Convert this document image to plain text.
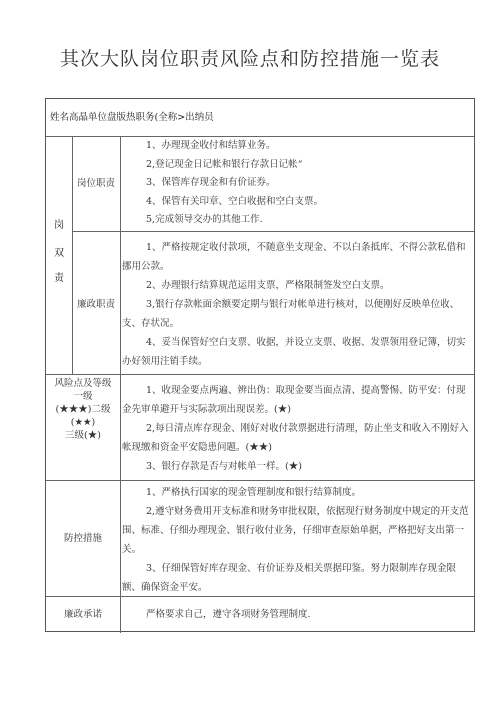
其次大队岗位职责风险点和防控措施一览表
姓名高晶单位盘版热职务(全称>出纳员
岗
双
责
岗位职责

1、办理现金收付和结算业务。

2,登记现金日记帐和银行存款日记帐“

3、保管库存现金和有价证券。

4、保管有关印章、空白收据和空白支票。

5,完成领导交办的其他工作.

廉政职责

1、严格按规定收付款项，不随意坐支现金、不以白条抵库、不得公款私借和挪用公款。

2、办理银行结算规范运用支票，严格限制签发空白支票。

3,银行存款帐面余额要定期与银行对帐单进行核对，以便刚好反映单位收、支、存状况。

4、妥当保管好空白支票、收据，并设立支票、收据、发票领用登记簿，切实办好领用注销手续。

风险点及等级

一级

(★★★)二级

(★★)

三级(★)

1、收现金要点两遍、辨出伪：取现金要当面点清、提高警惕、防平安：付现金先审单避开与实际款项出现误差。(★)

2,每日清点库存现金、刚好对收付款票据进行清理，防止坐支和收入不刚好入帐现缴和资金平安隐患问题。(★★)

3、银行存款是否与对帐单一样。(★)

防控措施

1、严格执行国家的现金管理制度和银行结算制度。

2,遵守财务费用开支标准和财务审批权限，依据现行财务制度中规定的开支范围、标准、仔细办理现金、银行收付业务，仔细审查原始单据，严格把好支出第一关。

3、仔细保管好库存现金、有价证券及相关票据印鉴。努力限制库存现金限额、确保资金平安。

廉政承诺	严格要求自己，遵守各项财务管理制度.
